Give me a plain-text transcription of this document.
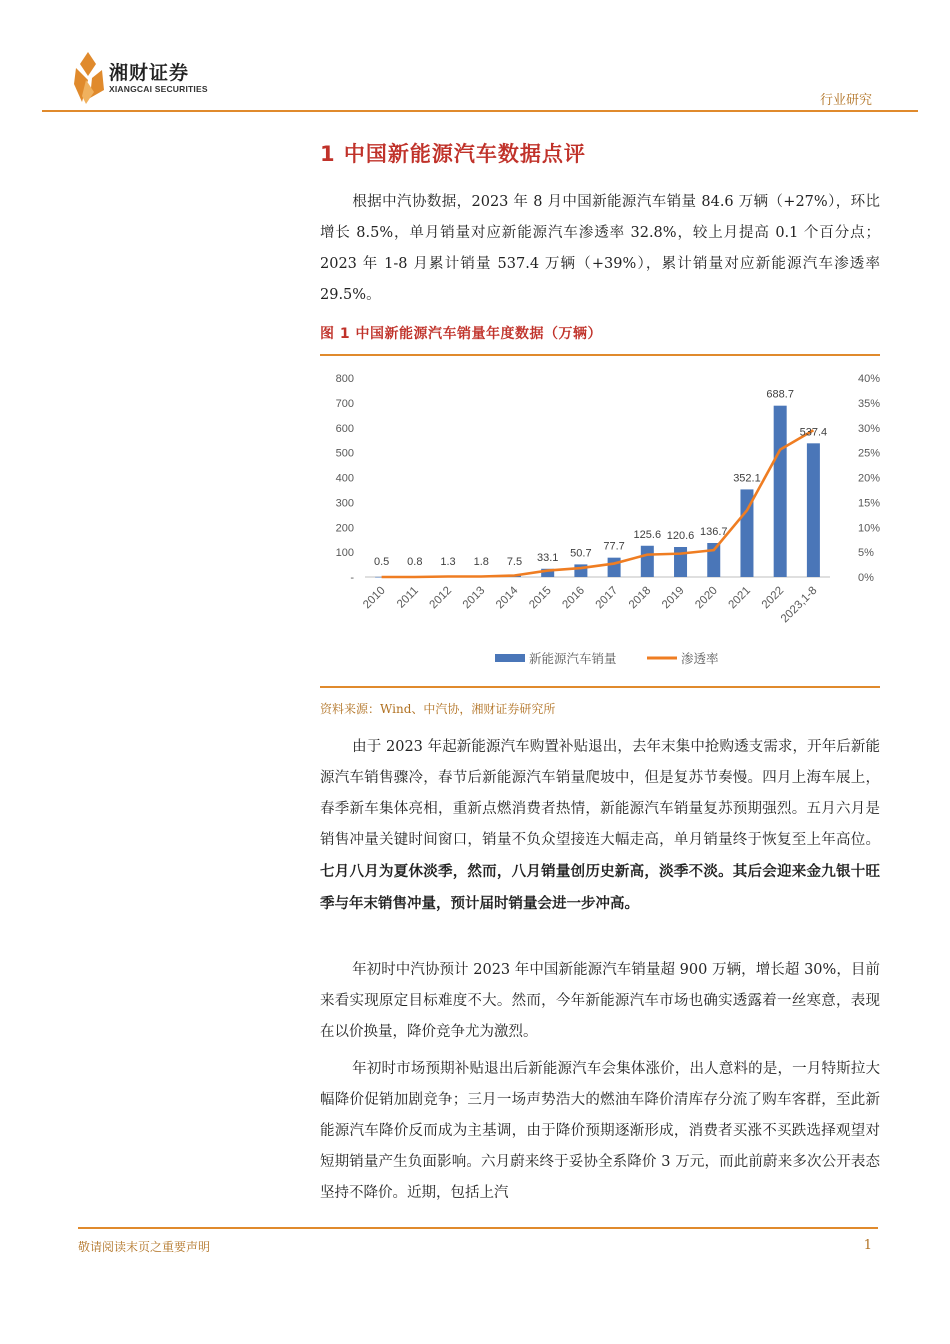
湘财证券
XIANGCAI SECURITIES
行业研究
1 中国新能源汽车数据点评
根据中汽协数据，2023 年 8 月中国新能源汽车销量 84.6 万辆（+27%），环比增长 8.5%，单月销量对应新能源汽车渗透率 32.8%，较上月提高 0.1 个百分点；2023 年 1-8 月累计销量 537.4 万辆（+39%），累计销量对应新能源汽车渗透率 29.5%。
图 1 中国新能源汽车销量年度数据（万辆）
-
100
200
300
400
500
600
700
800
0%
5%
10%
15%
20%
25%
30%
35%
40%
0.5 0.8 1.3 1.8 7.5 33.1 50.7
77.7
125.6 120.6 136.7
352.1
688.7
537.4
2010 2011 2012 2013 2014 2015 2016 2017 2018 2019 2020 2021 2022
2023,1-8
新能源汽车销量	渗透率
资料来源：Wind、中汽协，湘财证券研究所
由于 2023 年起新能源汽车购置补贴退出，去年末集中抢购透支需求，开年后新能源汽车销售骤冷，春节后新能源汽车销量爬坡中，但是复苏节奏慢。四月上海车展上，春季新车集体亮相，重新点燃消费者热情，新能源汽车销量复苏预期强烈。五月六月是销售冲量关键时间窗口，销量不负众望接连大幅走高，单月销量终于恢复至上年高位。七月八月为夏休淡季，然而，八月销量创历史新高，淡季不淡。其后会迎来金九银十旺季与年末销售冲量，预计届时销量会进一步冲高。
年初时中汽协预计 2023 年中国新能源汽车销量超 900 万辆，增长超 30%，目前来看实现原定目标难度不大。然而，今年新能源汽车市场也确实透露着一丝寒意，表现在以价换量，降价竞争尤为激烈。
年初时市场预期补贴退出后新能源汽车会集体涨价，出人意料的是，一月特斯拉大幅降价促销加剧竞争；三月一场声势浩大的燃油车降价清库存分流了购车客群，至此新能源汽车降价反而成为主基调，由于降价预期逐渐形成，消费者买涨不买跌选择观望对短期销量产生负面影响。六月蔚来终于妥协全系降价 3 万元，而此前蔚来多次公开表态坚持不降价。近期，包括上汽
敬请阅读末页之重要声明	1
